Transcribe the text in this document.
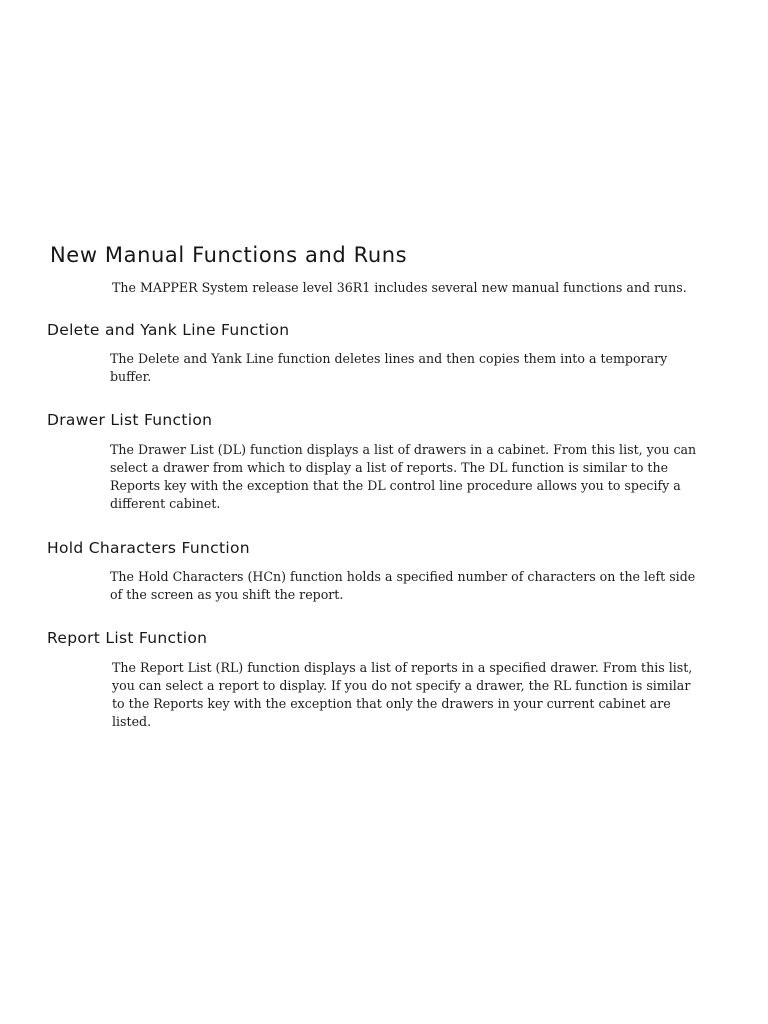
New Manual Functions and Runs

The MAPPER System release level 36R1 includes several new manual functions and runs.

Delete and Yank Line Function

The Delete and Yank Line function deletes lines and then copies them into a temporary
buffer.

Drawer List Function

The Drawer List (DL) function displays a list of drawers in a cabinet. From this list, you can
select a drawer from which to display a list of reports. The DL function is similar to the
Reports key with the exception that the DL control line procedure allows you to specify a
different cabinet.

Hold Characters Function

The Hold Characters (HCn) function holds a specified number of characters on the left side
of the screen as you shift the report.

Report List Function

The Report List (RL) function displays a list of reports in a specified drawer. From this list,
you can select a report to display. If you do not specify a drawer, the RL function is similar
to the Reports key with the exception that only the drawers in your current cabinet are
listed.
